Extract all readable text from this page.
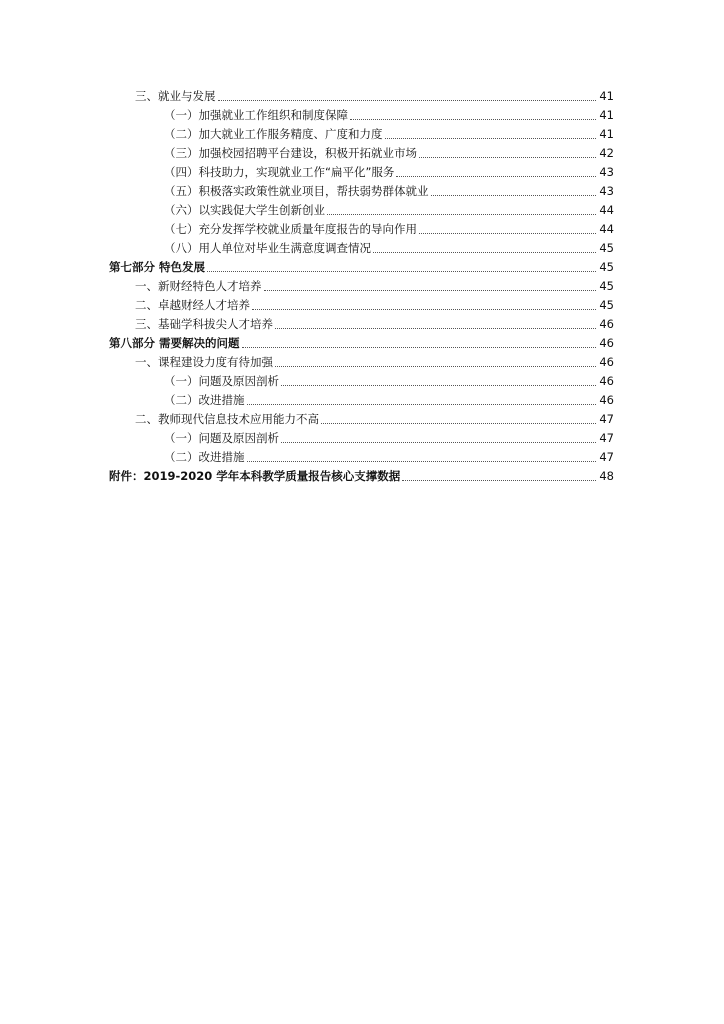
三、就业与发展	41
（一）加强就业工作组织和制度保障	41
（二）加大就业工作服务精度、广度和力度	41
（三）加强校园招聘平台建设，积极开拓就业市场	42
（四）科技助力，实现就业工作“扁平化”服务	43
（五）积极落实政策性就业项目，帮扶弱势群体就业	43
（六）以实践促大学生创新创业	44
（七）充分发挥学校就业质量年度报告的导向作用	44
（八）用人单位对毕业生满意度调查情况	45
第七部分 特色发展	45
一、新财经特色人才培养	45
二、卓越财经人才培养	45
三、基础学科拔尖人才培养	46
第八部分 需要解决的问题	46
一、课程建设力度有待加强	46
（一）问题及原因剖析	46
（二）改进措施	46
二、教师现代信息技术应用能力不高	47
（一）问题及原因剖析	47
（二）改进措施	47
附件：2019-2020 学年本科教学质量报告核心支撑数据	48
